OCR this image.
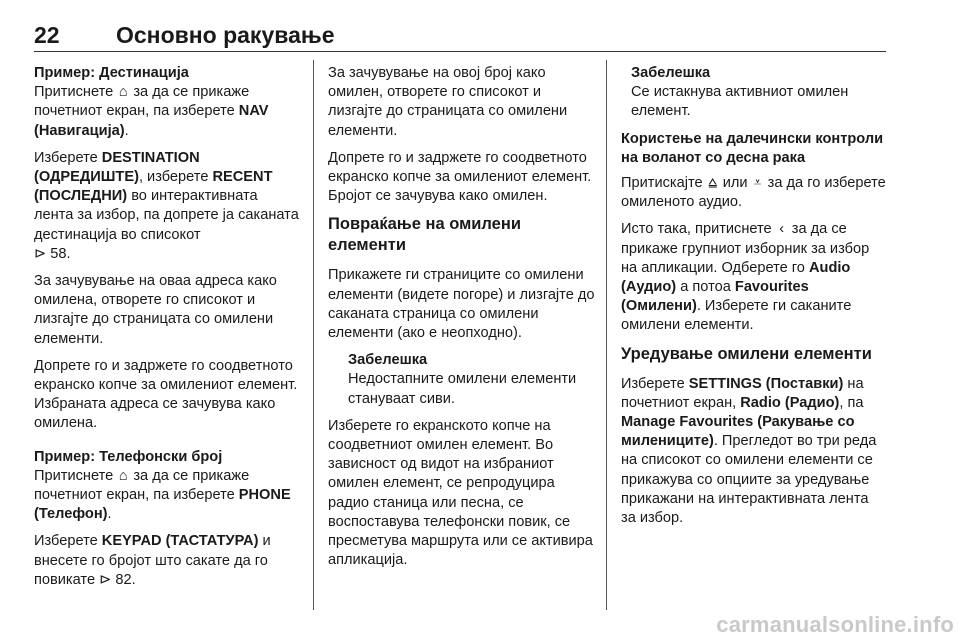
22 Основно ракување

Пример: Дестинација

Притиснете ⌂ за да се прикаже почетниот екран, па изберете NAV (Навигација).

Изберете DESTINATION (ОДРЕДИШТЕ), изберете RECENT (ПОСЛЕДНИ) во интерактивната лента за избор, па допрете ја саканата дестинација во списокот
⊳ 58.

За зачувување на оваа адреса како омилена, отворете го списокот и лизгајте до страницата со омилени елементи.

Допрете го и задржете го соодветното екранско копче за омилениот елемент. Избраната адреса се зачувува како омилена.

Пример: Телефонски број

Притиснете ⌂ за да се прикаже почетниот екран, па изберете PHONE (Телефон).

Изберете KEYPAD (ТАСТАТУРА) и внесете го бројот што сакате да го повикате ⊳ 82.

За зачувување на овој број како омилен, отворете го списокот и лизгајте до страницата со омилени елементи.

Допрете го и задржете го соодветното екранско копче за омилениот елемент. Бројот се зачувува како омилен.

Повраќање на омилени елементи

Прикажете ги страниците со омилени елементи (видете погоре) и лизгајте до саканата страница со омилени елементи (ако е неопходно).

Забелешка
Недостапните омилени елементи стануваат сиви.

Изберете го екранското копче на соодветниот омилен елемент. Во зависност од видот на избраниот омилен елемент, се репродуцира радио станица или песна, се воспоставува телефонски повик, се пресметува маршрута или се активира апликација.

Забелешка
Се истакнува активниот омилен елемент.

Користење на далечински контроли на воланот со десна рака

Притискајте ⩠ или ⩡ за да го изберете омиленото аудио.

Исто така, притиснете ‹ за да се прикаже групниот изборник за избор на апликации. Одберете го Audio (Аудио) а потоа Favourites (Омилени). Изберете ги саканите омилени елементи.

Уредување омилени елементи

Изберете SETTINGS (Поставки) на почетниот екран, Radio (Радио), па Manage Favourites (Ракување со милениците). Прегледот во три реда на списокот со омилени елементи се прикажува со опциите за уредување прикажани на интерактивната лента за избор.

carmanualsonline.info
